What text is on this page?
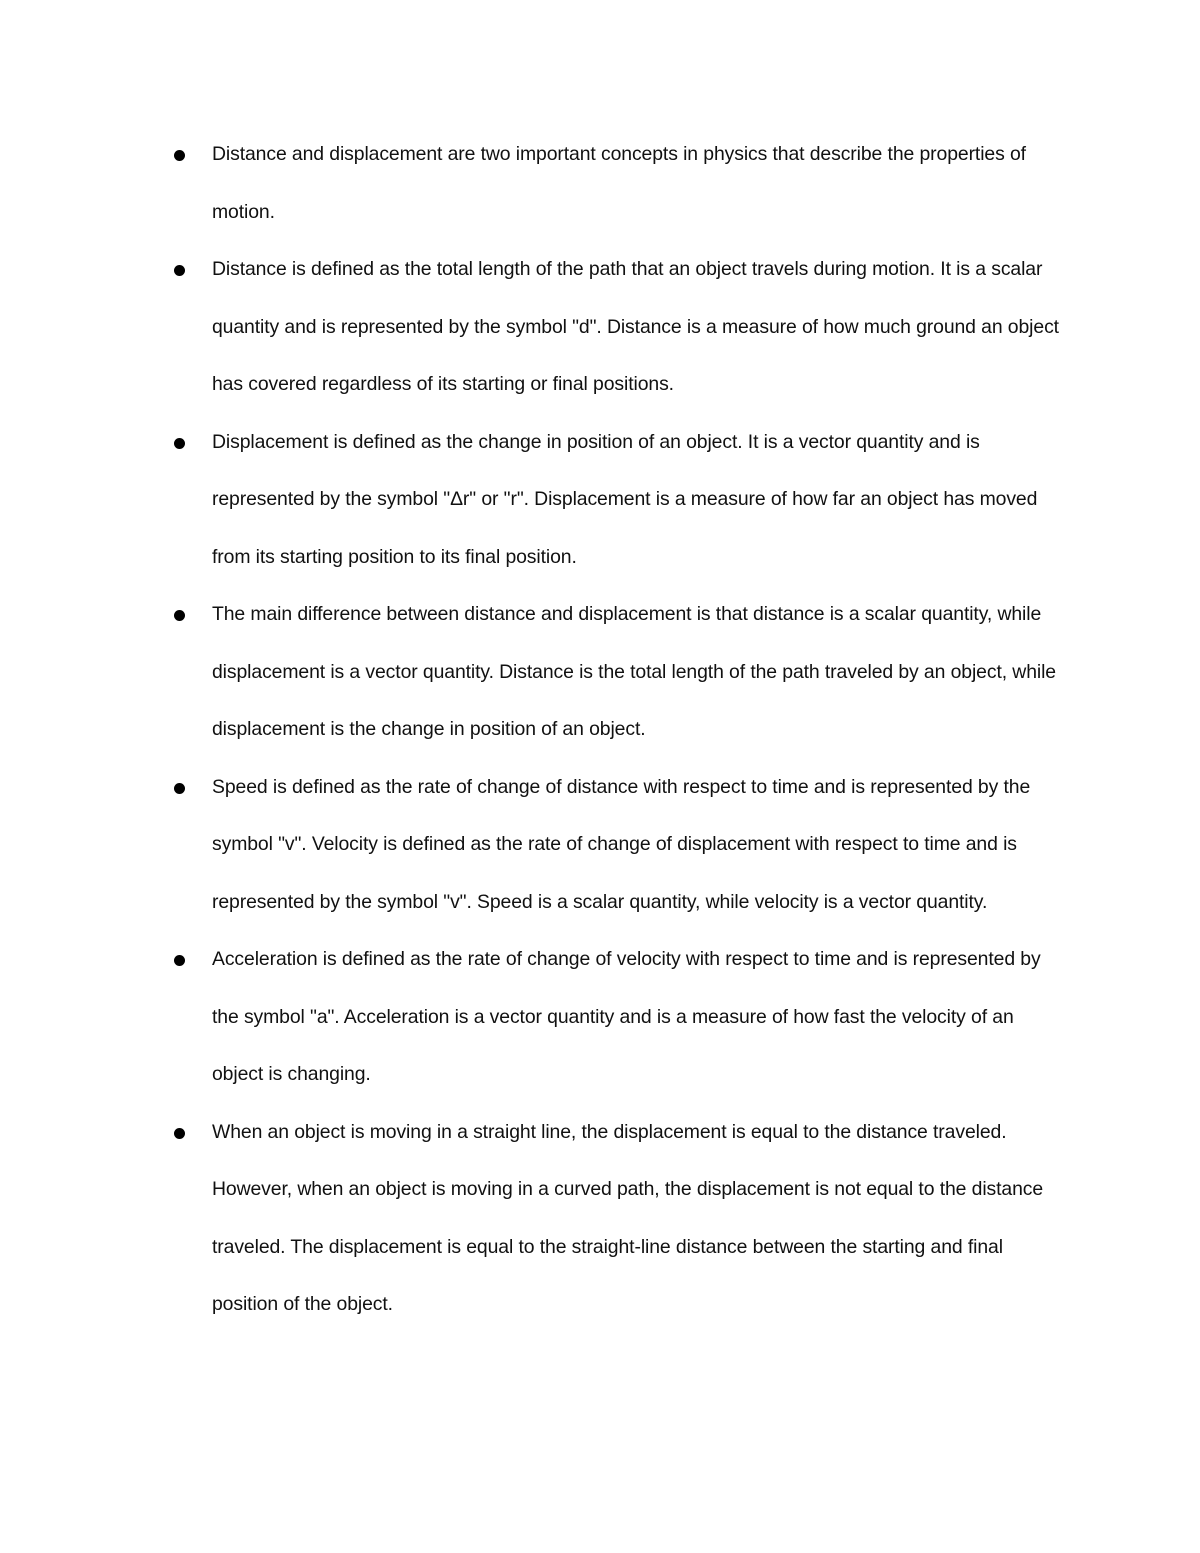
Distance and displacement are two important concepts in physics that describe the properties of motion.
Distance is defined as the total length of the path that an object travels during motion. It is a scalar quantity and is represented by the symbol "d". Distance is a measure of how much ground an object has covered regardless of its starting or final positions.
Displacement is defined as the change in position of an object. It is a vector quantity and is represented by the symbol "Δr" or "r". Displacement is a measure of how far an object has moved from its starting position to its final position.
The main difference between distance and displacement is that distance is a scalar quantity, while displacement is a vector quantity. Distance is the total length of the path traveled by an object, while displacement is the change in position of an object.
Speed is defined as the rate of change of distance with respect to time and is represented by the symbol "v". Velocity is defined as the rate of change of displacement with respect to time and is represented by the symbol "v". Speed is a scalar quantity, while velocity is a vector quantity.
Acceleration is defined as the rate of change of velocity with respect to time and is represented by the symbol "a". Acceleration is a vector quantity and is a measure of how fast the velocity of an object is changing.
When an object is moving in a straight line, the displacement is equal to the distance traveled. However, when an object is moving in a curved path, the displacement is not equal to the distance traveled. The displacement is equal to the straight-line distance between the starting and final position of the object.
